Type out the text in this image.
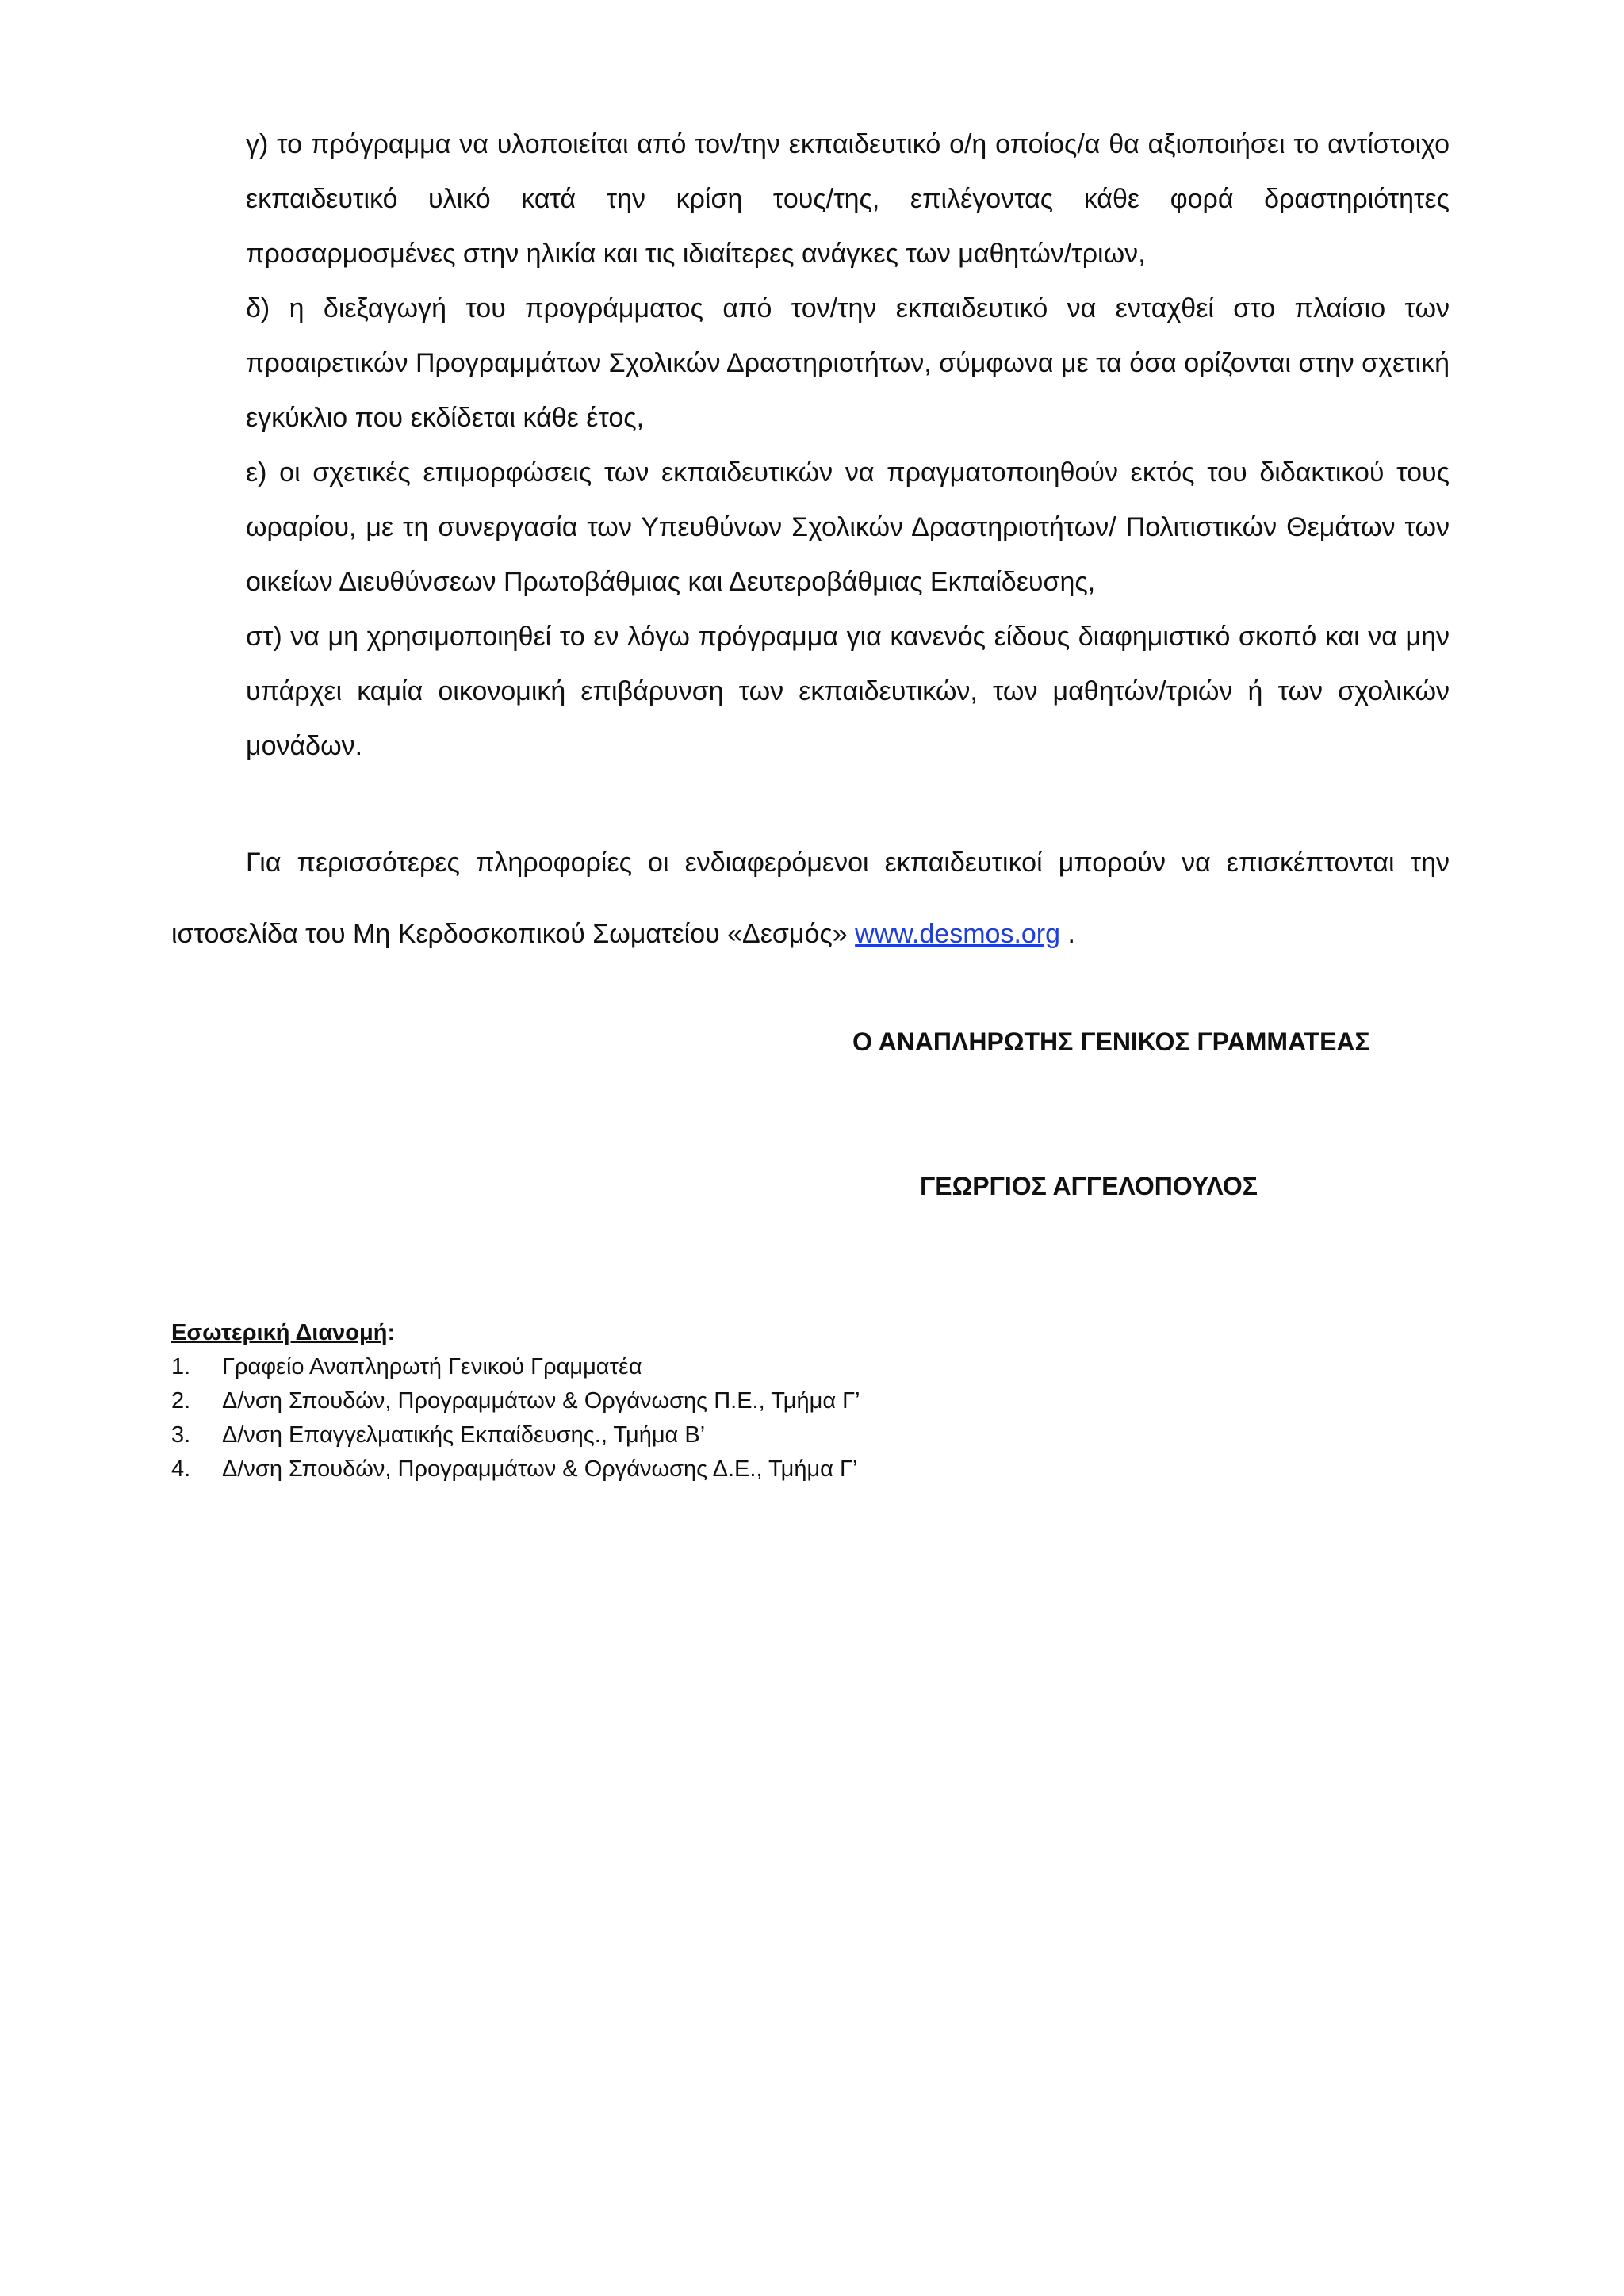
γ) το πρόγραμμα να υλοποιείται από τον/την εκπαιδευτικό ο/η οποίος/α θα αξιοποιήσει το αντίστοιχο εκπαιδευτικό υλικό κατά την κρίση τους/της, επιλέγοντας κάθε φορά δραστηριότητες προσαρμοσμένες στην ηλικία και τις ιδιαίτερες ανάγκες των μαθητών/τριων,

δ) η διεξαγωγή του προγράμματος από τον/την εκπαιδευτικό να ενταχθεί στο πλαίσιο των προαιρετικών Προγραμμάτων Σχολικών Δραστηριοτήτων, σύμφωνα με τα όσα ορίζονται στην σχετική εγκύκλιο που εκδίδεται κάθε έτος,

ε) οι σχετικές επιμορφώσεις των εκπαιδευτικών να πραγματοποιηθούν εκτός του διδακτικού τους ωραρίου, με τη συνεργασία των Υπευθύνων Σχολικών Δραστηριοτήτων/ Πολιτιστικών Θεμάτων των οικείων Διευθύνσεων Πρωτοβάθμιας και Δευτεροβάθμιας Εκπαίδευσης,

στ) να μη χρησιμοποιηθεί το εν λόγω πρόγραμμα για κανενός είδους διαφημιστικό σκοπό και να μην υπάρχει καμία οικονομική επιβάρυνση των εκπαιδευτικών, των μαθητών/τριών ή των σχολικών μονάδων.

Για περισσότερες πληροφορίες οι ενδιαφερόμενοι εκπαιδευτικοί μπορούν να επισκέπτονται την ιστοσελίδα του Μη Κερδοσκοπικού Σωματείου «Δεσμός» www.desmos.org .

Ο ΑΝΑΠΛΗΡΩΤΗΣ ΓΕΝΙΚΟΣ ΓΡΑΜΜΑΤΕΑΣ

ΓΕΩΡΓΙΟΣ ΑΓΓΕΛΟΠΟΥΛΟΣ

Εσωτερική Διανομή:

1.	Γραφείο Αναπληρωτή Γενικού Γραμματέα
2.	Δ/νση Σπουδών, Προγραμμάτων & Οργάνωσης Π.Ε., Τμήμα Γ’
3.	Δ/νση Επαγγελματικής Εκπαίδευσης., Τμήμα Β’
4.	Δ/νση Σπουδών, Προγραμμάτων & Οργάνωσης Δ.Ε., Τμήμα Γ’
